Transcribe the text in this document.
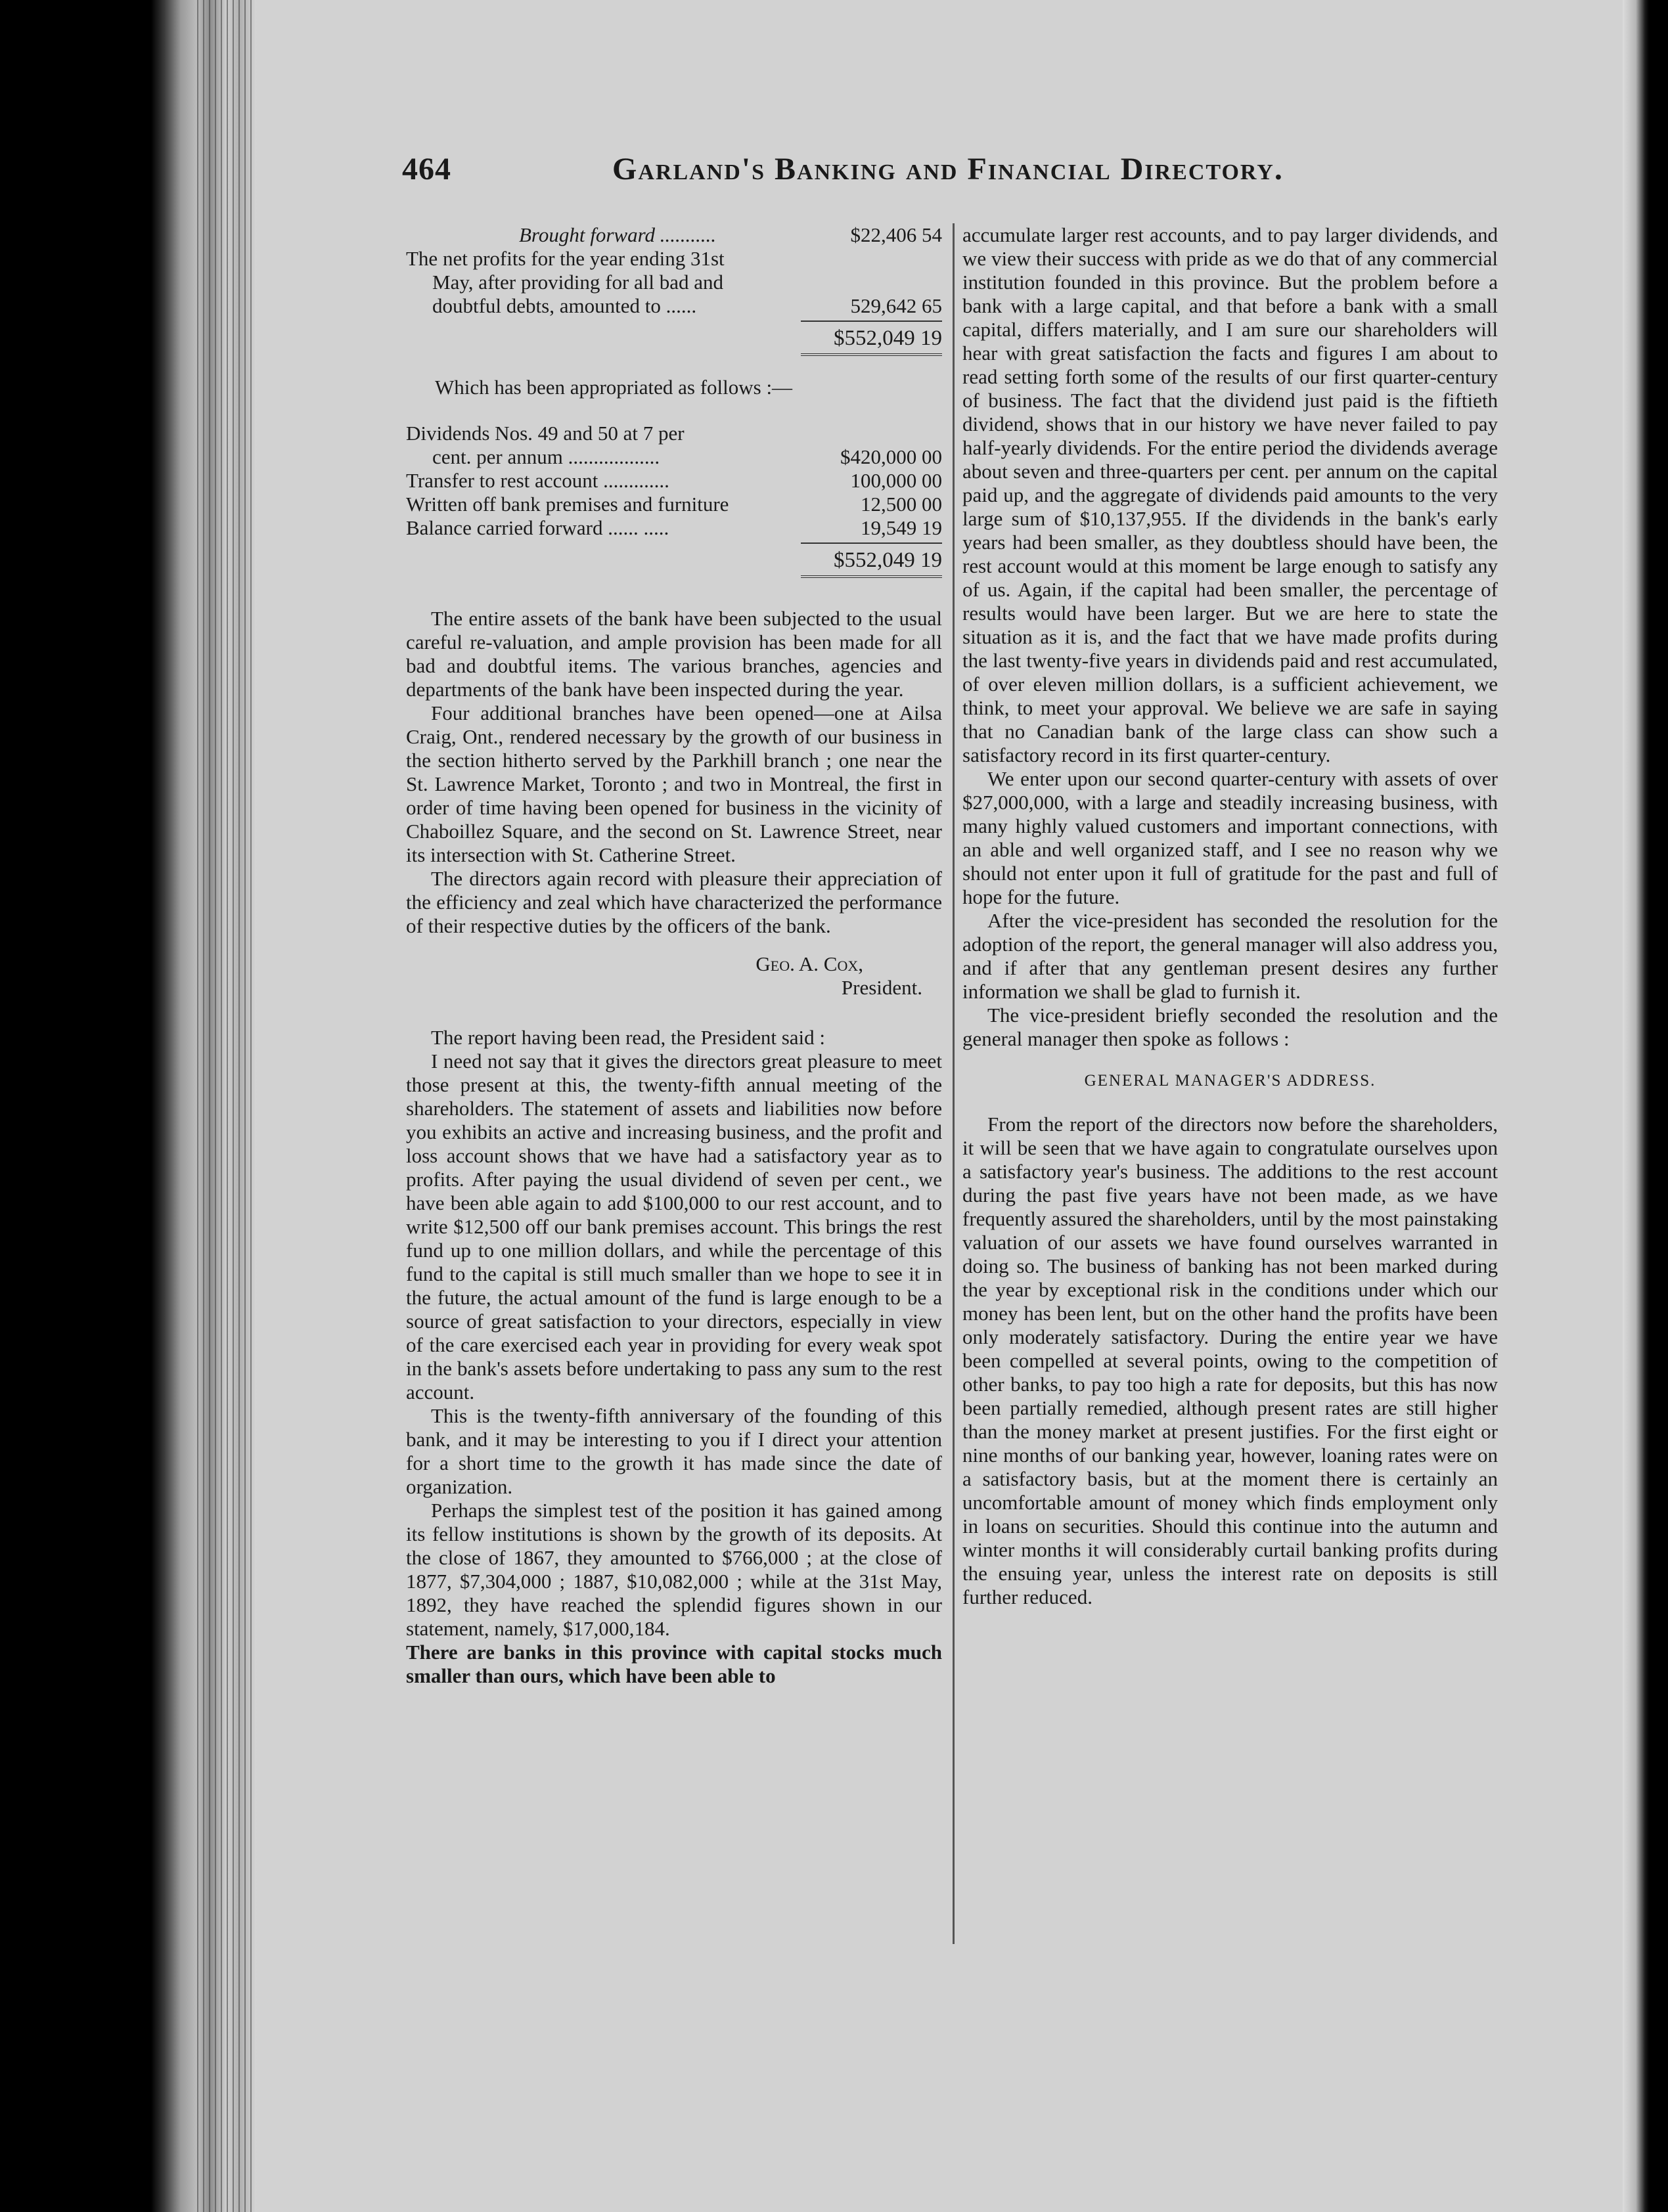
464	Garland's Banking and Financial Directory.
Brought forward ...........	$22,406 54
The net profits for the year ending 31st
May, after providing for all bad and
doubtful debts, amounted to ......	529,642 65
$552,049 19

Which has been appropriated as follows :—

Dividends Nos. 49 and 50 at 7 per
cent. per annum ..................	$420,000 00
Transfer to rest account .............	100,000 00
Written off bank premises and furniture	12,500 00
Balance carried forward ...... .....	19,549 19
$552,049 19

The entire assets of the bank have been subjected to the usual careful re-valuation, and ample provision has been made for all bad and doubtful items. The various branches, agencies and departments of the bank have been inspected during the year.

Four additional branches have been opened—one at Ailsa Craig, Ont., rendered necessary by the growth of our business in the section hitherto served by the Parkhill branch ; one near the St. Lawrence Market, Toronto ; and two in Montreal, the first in order of time having been opened for business in the vicinity of Chaboillez Square, and the second on St. Lawrence Street, near its intersection with St. Catherine Street.

The directors again record with pleasure their appreciation of the efficiency and zeal which have characterized the performance of their respective duties by the officers of the bank.

Geo. A. Cox,
President.

The report having been read, the President said :

I need not say that it gives the directors great pleasure to meet those present at this, the twenty-fifth annual meeting of the shareholders. The statement of assets and liabilities now before you exhibits an active and increasing business, and the profit and loss account shows that we have had a satisfactory year as to profits. After paying the usual dividend of seven per cent., we have been able again to add $100,000 to our rest account, and to write $12,500 off our bank premises account. This brings the rest fund up to one million dollars, and while the percentage of this fund to the capital is still much smaller than we hope to see it in the future, the actual amount of the fund is large enough to be a source of great satisfaction to your directors, especially in view of the care exercised each year in providing for every weak spot in the bank's assets before undertaking to pass any sum to the rest account.

This is the twenty-fifth anniversary of the founding of this bank, and it may be interesting to you if I direct your attention for a short time to the growth it has made since the date of organization.

Perhaps the simplest test of the position it has gained among its fellow institutions is shown by the growth of its deposits. At the close of 1867, they amounted to $766,000 ; at the close of 1877, $7,304,000 ; 1887, $10,082,000 ; while at the 31st May, 1892, they have reached the splendid figures shown in our statement, namely, $17,000,184.

There are banks in this province with capital stocks much smaller than ours, which have been able to

accumulate larger rest accounts, and to pay larger dividends, and we view their success with pride as we do that of any commercial institution founded in this province. But the problem before a bank with a large capital, and that before a bank with a small capital, differs materially, and I am sure our shareholders will hear with great satisfaction the facts and figures I am about to read setting forth some of the results of our first quarter-century of business. The fact that the dividend just paid is the fiftieth dividend, shows that in our history we have never failed to pay half-yearly dividends. For the entire period the dividends average about seven and three-quarters per cent. per annum on the capital paid up, and the aggregate of dividends paid amounts to the very large sum of $10,137,955. If the dividends in the bank's early years had been smaller, as they doubtless should have been, the rest account would at this moment be large enough to satisfy any of us. Again, if the capital had been smaller, the percentage of results would have been larger. But we are here to state the situation as it is, and the fact that we have made profits during the last twenty-five years in dividends paid and rest accumulated, of over eleven million dollars, is a sufficient achievement, we think, to meet your approval. We believe we are safe in saying that no Canadian bank of the large class can show such a satisfactory record in its first quarter-century.

We enter upon our second quarter-century with assets of over $27,000,000, with a large and steadily increasing business, with many highly valued customers and important connections, with an able and well organized staff, and I see no reason why we should not enter upon it full of gratitude for the past and full of hope for the future.

After the vice-president has seconded the resolution for the adoption of the report, the general manager will also address you, and if after that any gentleman present desires any further information we shall be glad to furnish it.

The vice-president briefly seconded the resolution and the general manager then spoke as follows :

GENERAL MANAGER'S ADDRESS.

From the report of the directors now before the shareholders, it will be seen that we have again to congratulate ourselves upon a satisfactory year's business. The additions to the rest account during the past five years have not been made, as we have frequently assured the shareholders, until by the most painstaking valuation of our assets we have found ourselves warranted in doing so. The business of banking has not been marked during the year by exceptional risk in the conditions under which our money has been lent, but on the other hand the profits have been only moderately satisfactory. During the entire year we have been compelled at several points, owing to the competition of other banks, to pay too high a rate for deposits, but this has now been partially remedied, although present rates are still higher than the money market at present justifies. For the first eight or nine months of our banking year, however, loaning rates were on a satisfactory basis, but at the moment there is certainly an uncomfortable amount of money which finds employment only in loans on securities. Should this continue into the autumn and winter months it will considerably curtail banking profits during the ensuing year, unless the interest rate on deposits is still further reduced.
